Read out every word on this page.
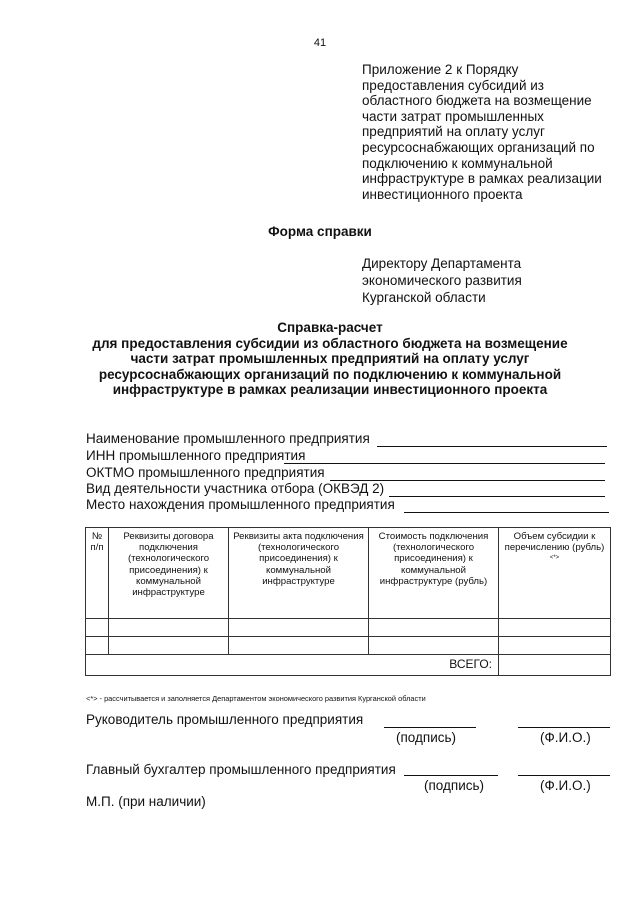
41
Приложение 2 к Порядку
предоставления субсидий из
областного бюджета на возмещение
части затрат промышленных
предприятий на оплату услуг
ресурсоснабжающих организаций по
подключению к коммунальной
инфраструктуре в рамках реализации
инвестиционного проекта
Форма справки
Директору Департамента
экономического развития
Курганской области
Справка-расчет
для предоставления субсидии из областного бюджета на возмещение
части затрат промышленных предприятий на оплату услуг
ресурсоснабжающих организаций по подключению к коммунальной
инфраструктуре в рамках реализации инвестиционного проекта
Наименование промышленного предприятия
ИНН промышленного предприятия
ОКТМО промышленного предприятия
Вид деятельности участника отбора (ОКВЭД 2)
Место нахождения промышленного предприятия
№ п/п	Реквизиты договора подключения (технологического присоединения) к коммунальной инфраструктуре	Реквизиты акта подключения (технологического присоединения) к коммунальной инфраструктуре	Стоимость подключения (технологического присоединения) к коммунальной инфраструктуре (рубль)	Объем субсидии к перечислению (рубль)<*>

ВСЕГО:				
<*> - рассчитывается и заполняется Департаментом экономического развития Курганской области
Руководитель промышленного предприятия
(подпись)	(Ф.И.О.)
Главный бухгалтер промышленного предприятия
(подпись)	(Ф.И.О.)
М.П. (при наличии)
